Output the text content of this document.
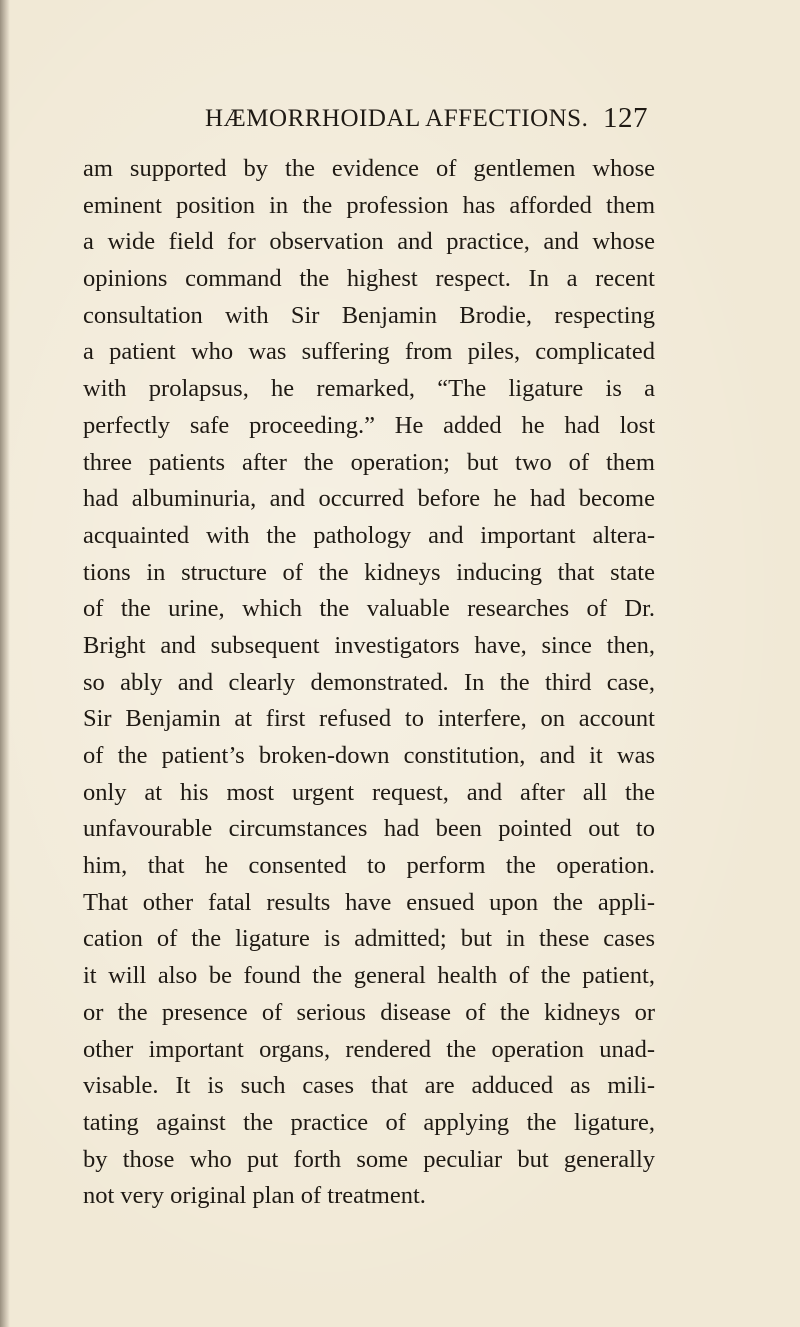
HÆMORRHOIDAL AFFECTIONS. 127
am supported by the evidence of gentlemen whose
eminent position in the profession has afforded them
a wide field for observation and practice, and whose
opinions command the highest respect. In a recent
consultation with Sir Benjamin Brodie, respecting
a patient who was suffering from piles, complicated
with prolapsus, he remarked, “The ligature is a
perfectly safe proceeding.” He added he had lost
three patients after the operation; but two of them
had albuminuria, and occurred before he had become
acquainted with the pathology and important altera-
tions in structure of the kidneys inducing that state
of the urine, which the valuable researches of Dr.
Bright and subsequent investigators have, since then,
so ably and clearly demonstrated. In the third case,
Sir Benjamin at first refused to interfere, on account
of the patient’s broken-down constitution, and it was
only at his most urgent request, and after all the
unfavourable circumstances had been pointed out to
him, that he consented to perform the operation.
That other fatal results have ensued upon the appli-
cation of the ligature is admitted; but in these cases
it will also be found the general health of the patient,
or the presence of serious disease of the kidneys or
other important organs, rendered the operation unad-
visable. It is such cases that are adduced as mili-
tating against the practice of applying the ligature,
by those who put forth some peculiar but generally
not very original plan of treatment.
